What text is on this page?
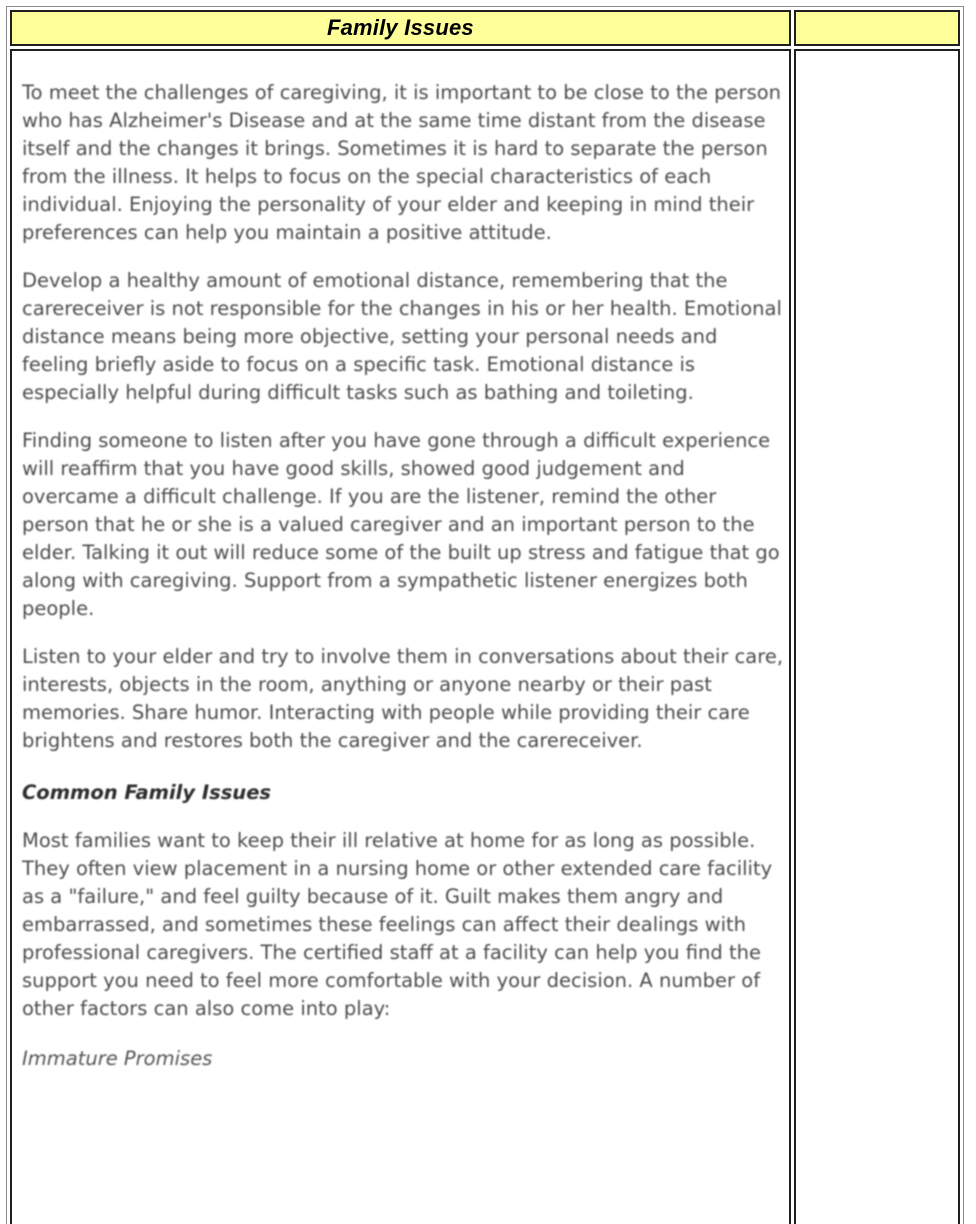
Family Issues	

To meet the challenges of caregiving, it is important to be close to the person who has Alzheimer's Disease and at the same time distant from the disease itself and the changes it brings. Sometimes it is hard to separate the person from the illness. It helps to focus on the special characteristics of each individual. Enjoying the personality of your elder and keeping in mind their preferences can help you maintain a positive attitude.

Develop a healthy amount of emotional distance, remembering that the carereceiver is not responsible for the changes in his or her health. Emotional distance means being more objective, setting your personal needs and feeling briefly aside to focus on a specific task. Emotional distance is especially helpful during difficult tasks such as bathing and toileting.

Finding someone to listen after you have gone through a difficult experience will reaffirm that you have good skills, showed good judgement and overcame a difficult challenge. If you are the listener, remind the other person that he or she is a valued caregiver and an important person to the elder. Talking it out will reduce some of the built up stress and fatigue that go along with caregiving. Support from a sympathetic listener energizes both people.

Listen to your elder and try to involve them in conversations about their care, interests, objects in the room, anything or anyone nearby or their past memories. Share humor. Interacting with people while providing their care brightens and restores both the caregiver and the carereceiver.

Common Family Issues

Most families want to keep their ill relative at home for as long as possible. They often view placement in a nursing home or other extended care facility as a "failure," and feel guilty because of it. Guilt makes them angry and embarrassed, and sometimes these feelings can affect their dealings with professional caregivers. The certified staff at a facility can help you find the support you need to feel more comfortable with your decision. A number of other factors can also come into play:

Immature Promises
